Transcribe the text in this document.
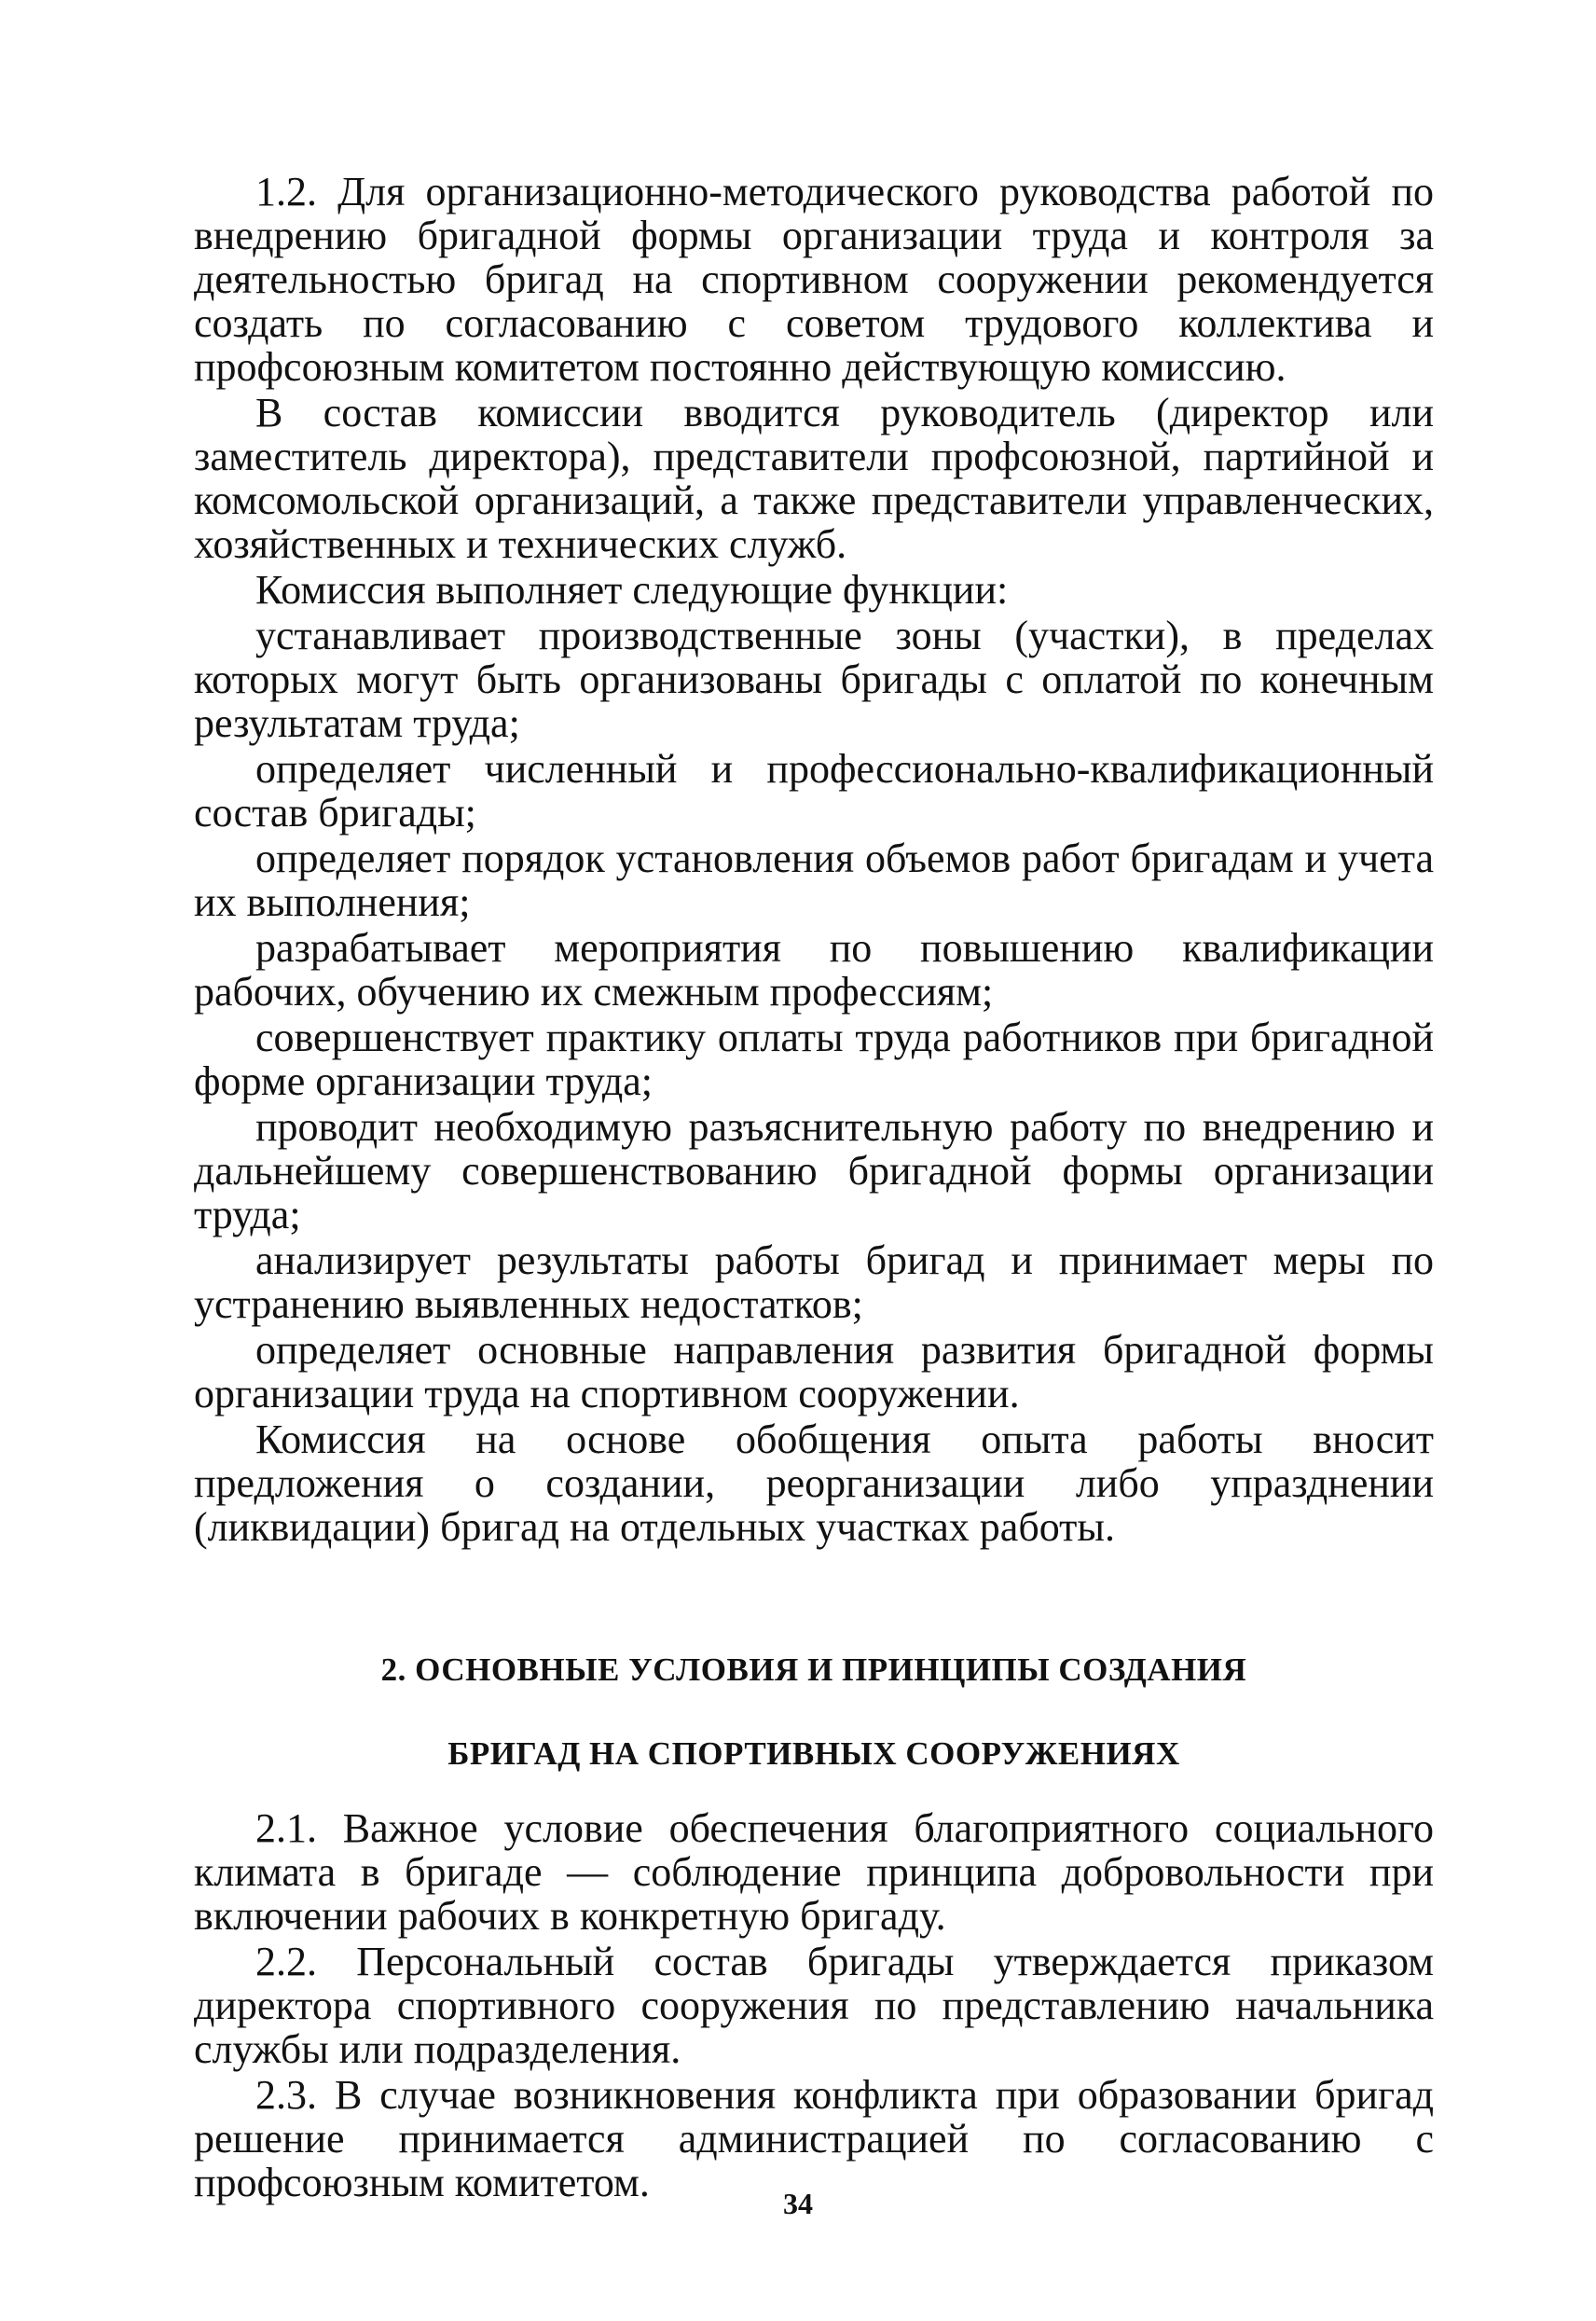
1.2. Для организационно-методического руководства работой по внедрению бригадной формы организации труда и контроля за деятельностью бригад на спортивном сооружении рекомендуется создать по согласованию с советом трудового коллектива и профсоюзным комитетом постоянно действующую комиссию.

В состав комиссии вводится руководитель (директор или заместитель директора), представители профсоюзной, партийной и комсомольской организаций, а также представители управленческих, хозяйственных и технических служб.

Комиссия выполняет следующие функции:

устанавливает производственные зоны (участки), в пределах которых могут быть организованы бригады с оплатой по конечным результатам труда;

определяет численный и профессионально-квалификационный состав бригады;

определяет порядок установления объемов работ бригадам и учета их выполнения;

разрабатывает мероприятия по повышению квалификации рабочих, обучению их смежным профессиям;

совершенствует практику оплаты труда работников при бригадной форме организации труда;

проводит необходимую разъяснительную работу по внедрению и дальнейшему совершенствованию бригадной формы организации труда;

анализирует результаты работы бригад и принимает меры по устранению выявленных недостатков;

определяет основные направления развития бригадной формы организации труда на спортивном сооружении.

Комиссия на основе обобщения опыта работы вносит предложения о создании, реорганизации либо упразднении (ликвидации) бригад на отдельных участках работы.

2. ОСНОВНЫЕ УСЛОВИЯ И ПРИНЦИПЫ СОЗДАНИЯ
БРИГАД НА СПОРТИВНЫХ СООРУЖЕНИЯХ

2.1. Важное условие обеспечения благоприятного социального климата в бригаде — соблюдение принципа добровольности при включении рабочих в конкретную бригаду.

2.2. Персональный состав бригады утверждается приказом директора спортивного сооружения по представлению начальника службы или подразделения.

2.3. В случае возникновения конфликта при образовании бригад решение принимается администрацией по согласованию с профсоюзным комитетом.	34
